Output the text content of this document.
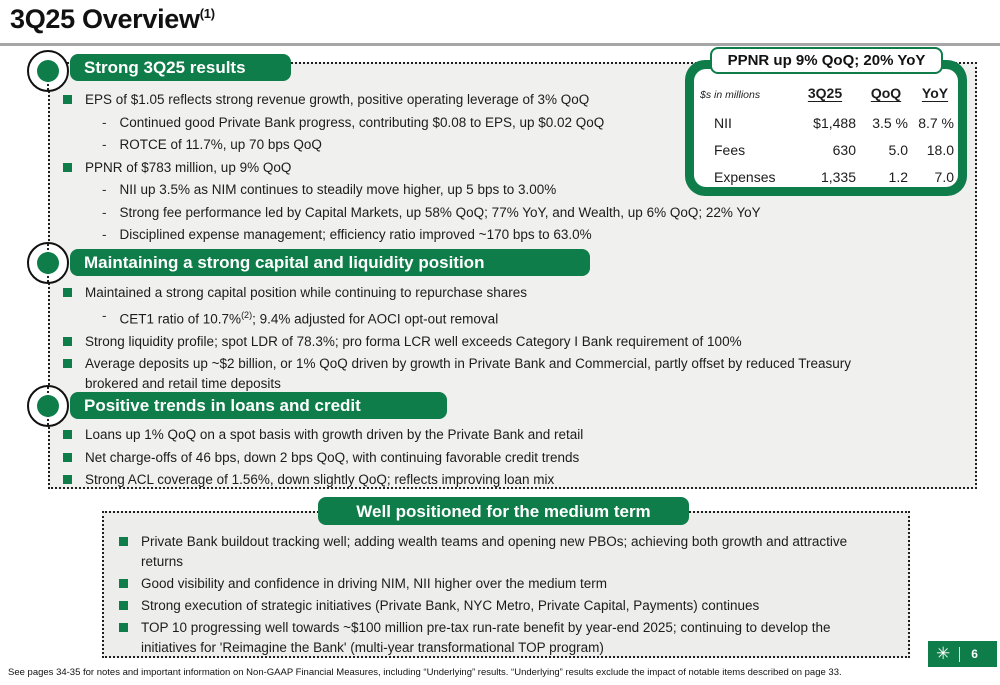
3Q25 Overview$^{(1)}$
Strong 3Q25 results
Maintaining a strong capital and liquidity position
Positive trends in loans and credit
EPS of $1.05 reflects strong revenue growth, positive operating leverage of 3% QoQ
-
Continued good Private Bank progress, contributing $0.08 to EPS, up $0.02 QoQ
-
ROTCE of 11.7%, up 70 bps QoQ
PPNR of $783 million, up 9% QoQ
-
NII up 3.5% as NIM continues to steadily move higher, up 5 bps to 3.00%
-
Strong fee performance led by Capital Markets, up 58% QoQ; 77% YoY, and Wealth, up 6% QoQ; 22% YoY
-
Disciplined expense management; efficiency ratio improved ~170 bps to 63.0%
Maintained a strong capital position while continuing to repurchase shares
-
CET1 ratio of 10.7%$^{(2)}$; 9.4% adjusted for AOCI opt-out removal
Strong liquidity profile; spot LDR of 78.3%; pro forma LCR well exceeds Category I Bank requirement of 100%
Average deposits up ~$2 billion, or 1% QoQ driven by growth in Private Bank and Commercial, partly offset by reduced Treasury brokered and retail time deposits
Loans up 1% QoQ on a spot basis with growth driven by the Private Bank and retail
Net charge-offs of 46 bps, down 2 bps QoQ, with continuing favorable credit trends
Strong ACL coverage of 1.56%, down slightly QoQ; reflects improving loan mix
PPNR up 9% QoQ; 20% YoY
$s in millions	3Q25	QoQ	YoY
NII	$1,488	3.5 % 8.7 %
Fees	630	5.0	18.0
Expenses	1,335	1.2	7.0
Well positioned for the medium term
Private Bank buildout tracking well; adding wealth teams and opening new PBOs; achieving both growth and attractive returns
Good visibility and confidence in driving NIM, NII higher over the medium term
Strong execution of strategic initiatives (Private Bank, NYC Metro, Private Capital, Payments) continues
TOP 10 progressing well towards ~$100 million pre-tax run-rate benefit by year-end 2025; continuing to develop the initiatives for 'Reimagine the Bank' (multi-year transformational TOP program)
See pages 34-35 for notes and important information on Non-GAAP Financial Measures, including “Underlying” results. “Underlying” results exclude the impact of notable items described on page 33.
✳ 6
